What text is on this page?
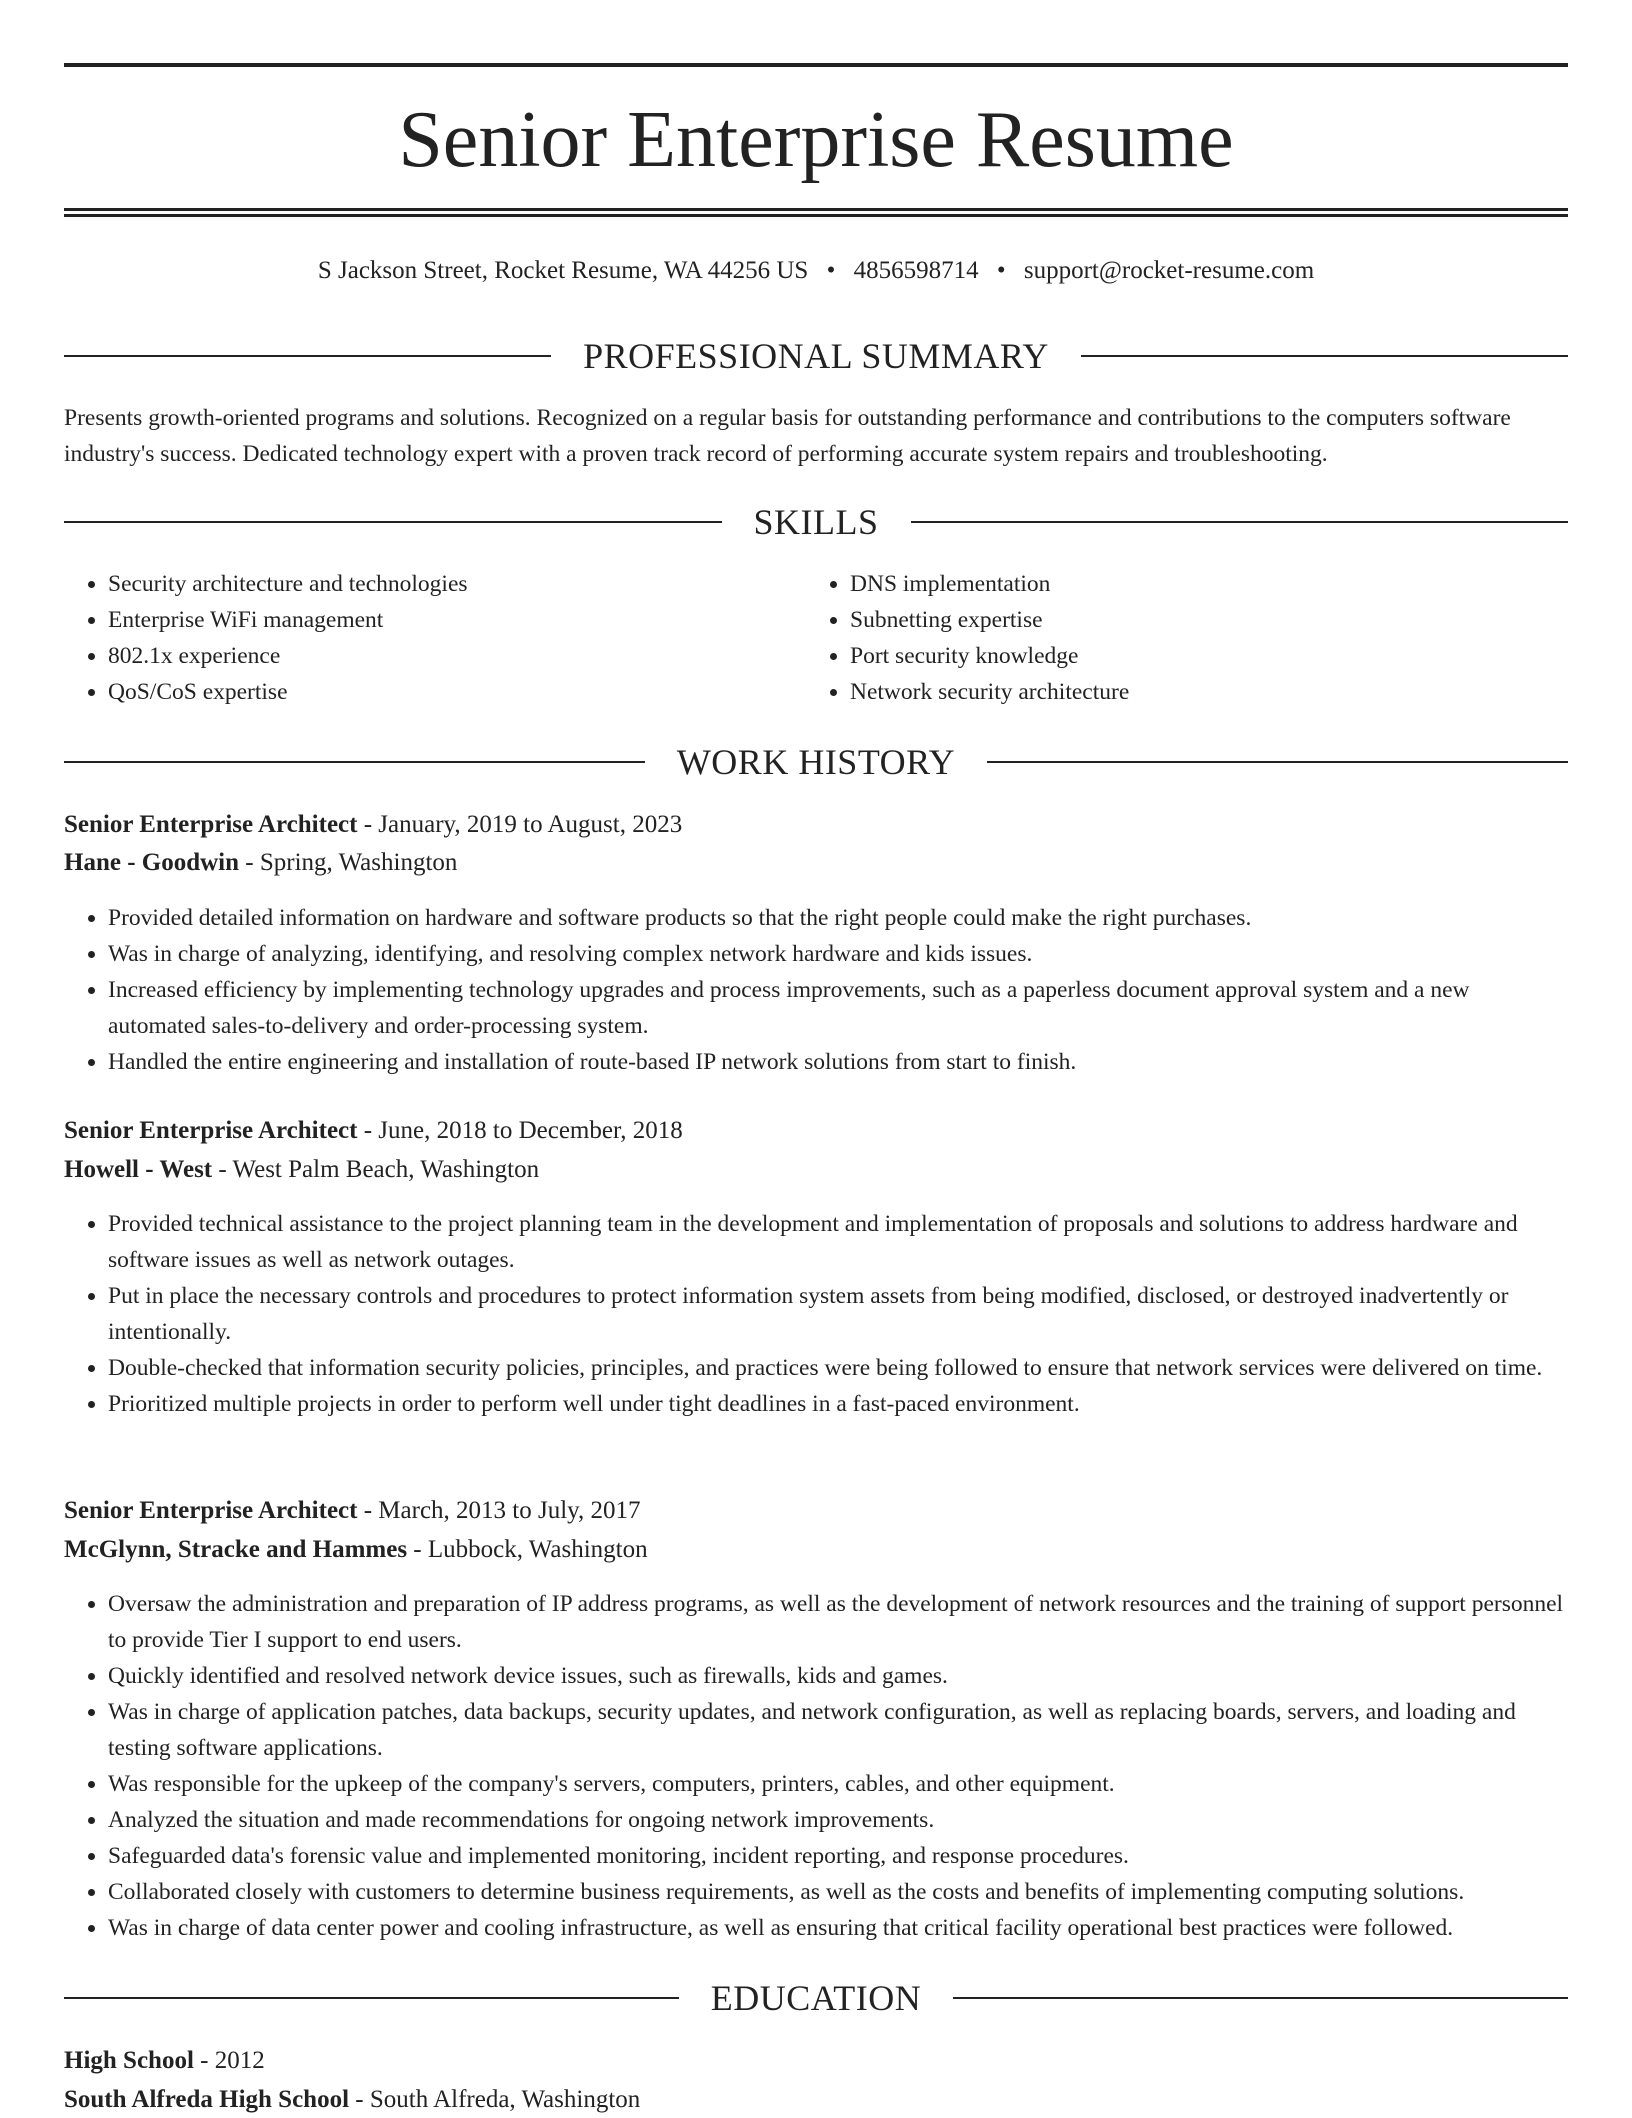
Senior Enterprise Resume
S Jackson Street, Rocket Resume, WA 44256 US • 4856598714 • support@rocket-resume.com
PROFESSIONAL SUMMARY

Presents growth-oriented programs and solutions. Recognized on a regular basis for outstanding performance and contributions to the computers software industry's success. Dedicated technology expert with a proven track record of performing accurate system repairs and troubleshooting.

SKILLS
• Security architecture and technologies
• Enterprise WiFi management
• 802.1x experience
• QoS/CoS expertise
• DNS implementation
• Subnetting expertise
• Port security knowledge
• Network security architecture
WORK HISTORY

Senior Enterprise Architect - January, 2019 to August, 2023

Hane - Goodwin - Spring, Washington

• Provided detailed information on hardware and software products so that the right people could make the right purchases.
• Was in charge of analyzing, identifying, and resolving complex network hardware and kids issues.
• Increased efficiency by implementing technology upgrades and process improvements, such as a paperless document approval system and a new automated sales-to-delivery and order-processing system.
• Handled the entire engineering and installation of route-based IP network solutions from start to finish.

Senior Enterprise Architect - June, 2018 to December, 2018

Howell - West - West Palm Beach, Washington

• Provided technical assistance to the project planning team in the development and implementation of proposals and solutions to address hardware and software issues as well as network outages.
• Put in place the necessary controls and procedures to protect information system assets from being modified, disclosed, or destroyed inadvertently or intentionally.
• Double-checked that information security policies, principles, and practices were being followed to ensure that network services were delivered on time.
• Prioritized multiple projects in order to perform well under tight deadlines in a fast-paced environment.

Senior Enterprise Architect - March, 2013 to July, 2017

McGlynn, Stracke and Hammes - Lubbock, Washington

• Oversaw the administration and preparation of IP address programs, as well as the development of network resources and the training of support personnel to provide Tier I support to end users.
• Quickly identified and resolved network device issues, such as firewalls, kids and games.
• Was in charge of application patches, data backups, security updates, and network configuration, as well as replacing boards, servers, and loading and testing software applications.
• Was responsible for the upkeep of the company's servers, computers, printers, cables, and other equipment.
• Analyzed the situation and made recommendations for ongoing network improvements.
• Safeguarded data's forensic value and implemented monitoring, incident reporting, and response procedures.
• Collaborated closely with customers to determine business requirements, as well as the costs and benefits of implementing computing solutions.
• Was in charge of data center power and cooling infrastructure, as well as ensuring that critical facility operational best practices were followed.
EDUCATION

High School - 2012

South Alfreda High School - South Alfreda, Washington
